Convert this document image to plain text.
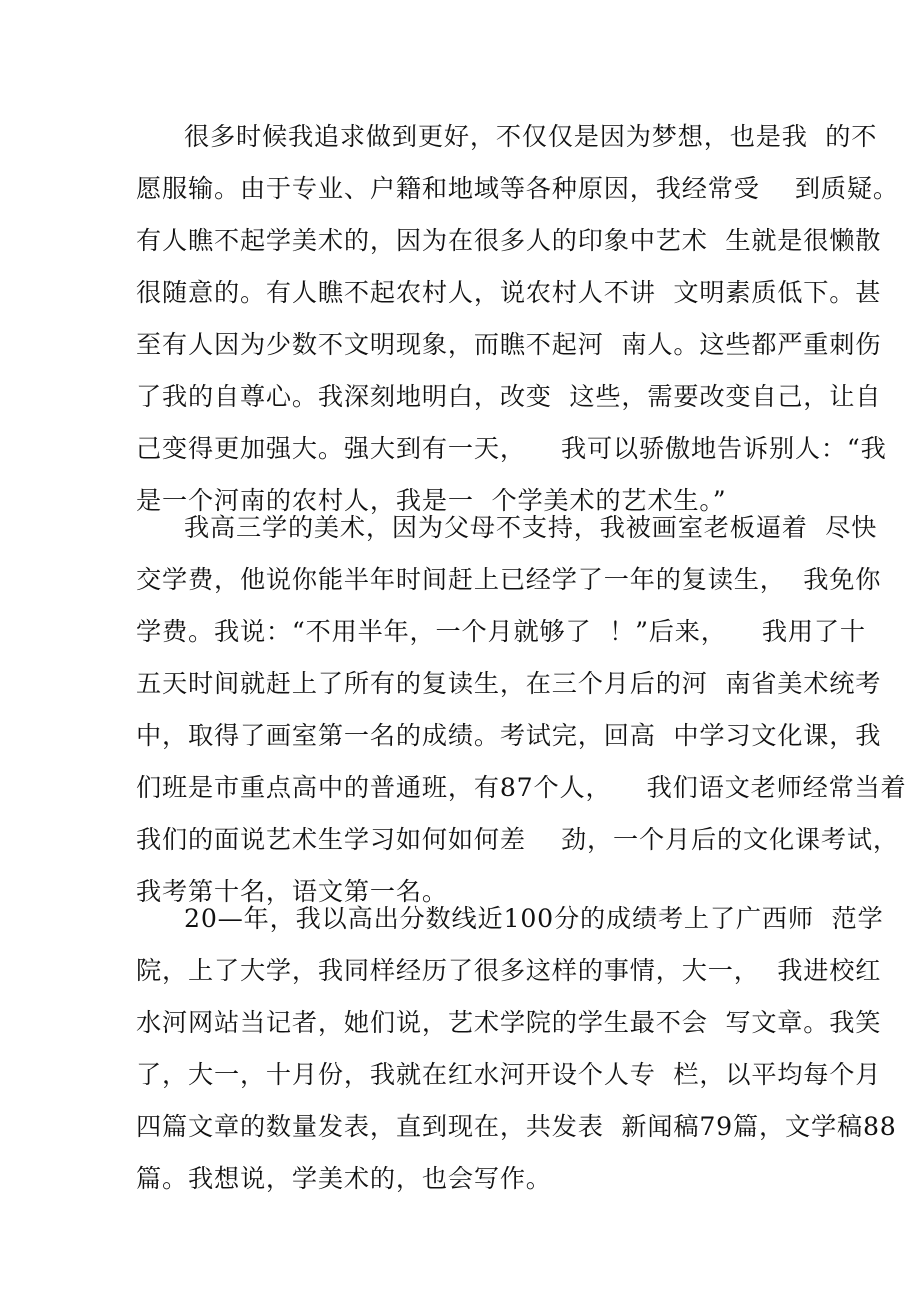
很多时候我追求做到更好，不仅仅是因为梦想，也是我  的不
愿服输。由于专业、户籍和地域等各种原因，我经常受    到质疑。
有人瞧不起学美术的，因为在很多人的印象中艺术  生就是很懒散
很随意的。有人瞧不起农村人，说农村人不讲  文明素质低下。甚
至有人因为少数不文明现象，而瞧不起河  南人。这些都严重刺伤
了我的自尊心。我深刻地明白，改变  这些，需要改变自己，让自
己变得更加强大。强大到有一天，    我可以骄傲地告诉别人：“我
是一个河南的农村人，我是一  个学美术的艺术生。”
我高三学的美术，因为父母不支持，我被画室老板逼着  尽快
交学费，他说你能半年时间赶上已经学了一年的复读生，  我免你
学费。我说：“不用半年，一个月就够了  ！”后来，    我用了十
五天时间就赶上了所有的复读生，在三个月后的河  南省美术统考
中，取得了画室第一名的成绩。考试完，回高  中学习文化课，我
们班是市重点高中的普通班，有87个人，    我们语文老师经常当着
我们的面说艺术生学习如何如何差    劲，一个月后的文化课考试，
我考第十名，语文第一名。
20—年，我以高出分数线近100分的成绩考上了广西师  范学
院，上了大学，我同样经历了很多这样的事情，大一，  我进校红
水河网站当记者，她们说，艺术学院的学生最不会  写文章。我笑
了，大一，十月份，我就在红水河开设个人专  栏，以平均每个月
四篇文章的数量发表，直到现在，共发表  新闻稿79篇，文学稿88
篇。我想说，学美术的，也会写作。
